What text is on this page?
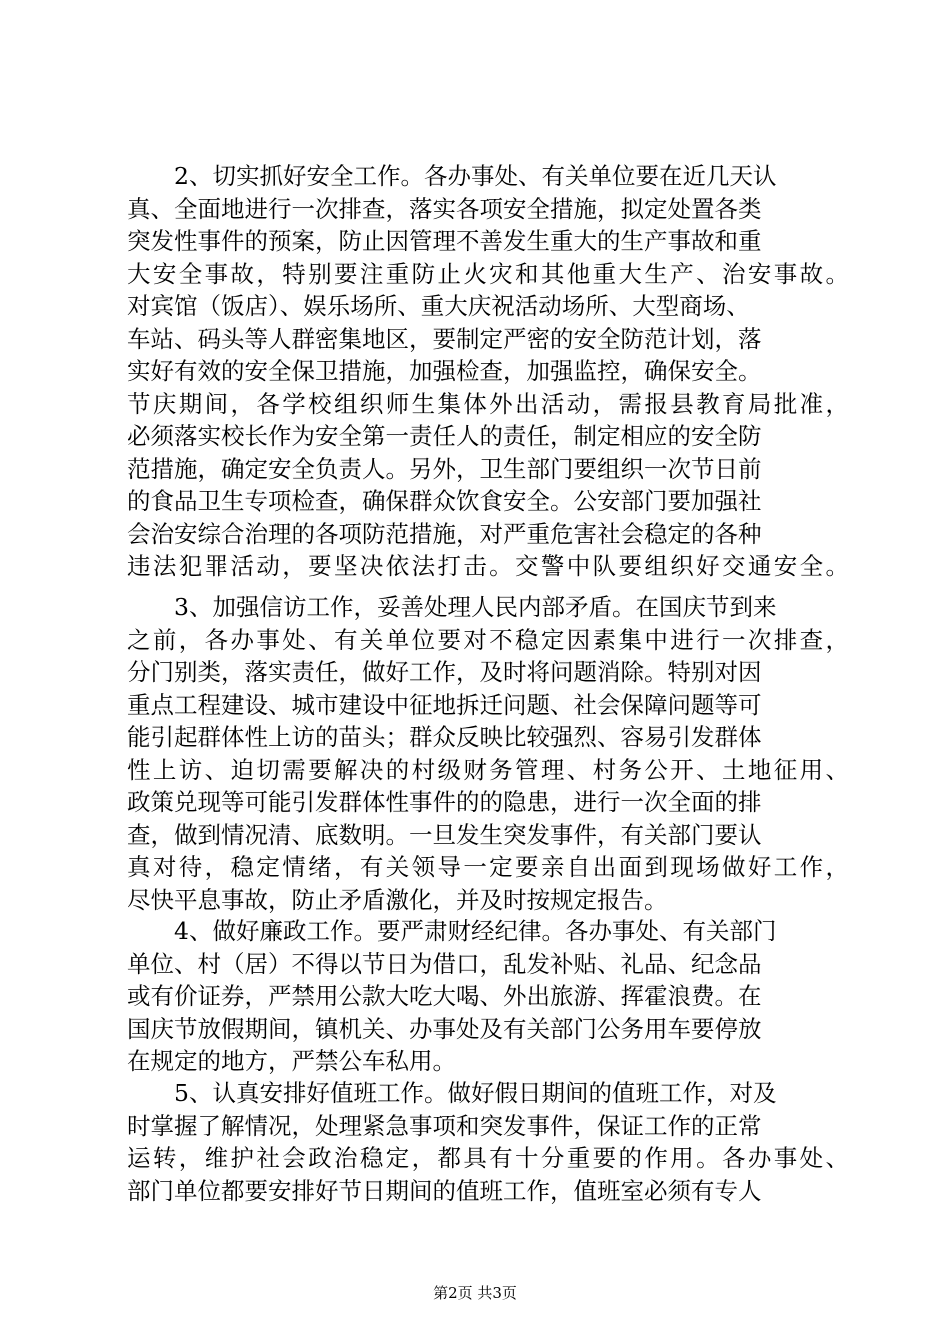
2、切实抓好安全工作。各办事处、有关单位要在近几天认
真、全面地进行一次排查，落实各项安全措施，拟定处置各类
突发性事件的预案，防止因管理不善发生重大的生产事故和重
大安全事故，特别要注重防止火灾和其他重大生产、治安事故。
对宾馆（饭店）、娱乐场所、重大庆祝活动场所、大型商场、
车站、码头等人群密集地区，要制定严密的安全防范计划，落
实好有效的安全保卫措施，加强检查，加强监控，确保安全。
节庆期间，各学校组织师生集体外出活动，需报县教育局批准，
必须落实校长作为安全第一责任人的责任，制定相应的安全防
范措施，确定安全负责人。另外，卫生部门要组织一次节日前
的食品卫生专项检查，确保群众饮食安全。公安部门要加强社
会治安综合治理的各项防范措施，对严重危害社会稳定的各种
违法犯罪活动，要坚决依法打击。交警中队要组织好交通安全。
3、加强信访工作，妥善处理人民内部矛盾。在国庆节到来
之前，各办事处、有关单位要对不稳定因素集中进行一次排查，
分门别类，落实责任，做好工作，及时将问题消除。特别对因
重点工程建设、城市建设中征地拆迁问题、社会保障问题等可
能引起群体性上访的苗头；群众反映比较强烈、容易引发群体
性上访、迫切需要解决的村级财务管理、村务公开、土地征用、
政策兑现等可能引发群体性事件的的隐患，进行一次全面的排
查，做到情况清、底数明。一旦发生突发事件，有关部门要认
真对待，稳定情绪，有关领导一定要亲自出面到现场做好工作，
尽快平息事故，防止矛盾激化，并及时按规定报告。
4、做好廉政工作。要严肃财经纪律。各办事处、有关部门
单位、村（居）不得以节日为借口，乱发补贴、礼品、纪念品
或有价证券，严禁用公款大吃大喝、外出旅游、挥霍浪费。在
国庆节放假期间，镇机关、办事处及有关部门公务用车要停放
在规定的地方，严禁公车私用。
5、认真安排好值班工作。做好假日期间的值班工作，对及
时掌握了解情况，处理紧急事项和突发事件，保证工作的正常
运转，维护社会政治稳定，都具有十分重要的作用。各办事处、
部门单位都要安排好节日期间的值班工作，值班室必须有专人
第2页 共3页
